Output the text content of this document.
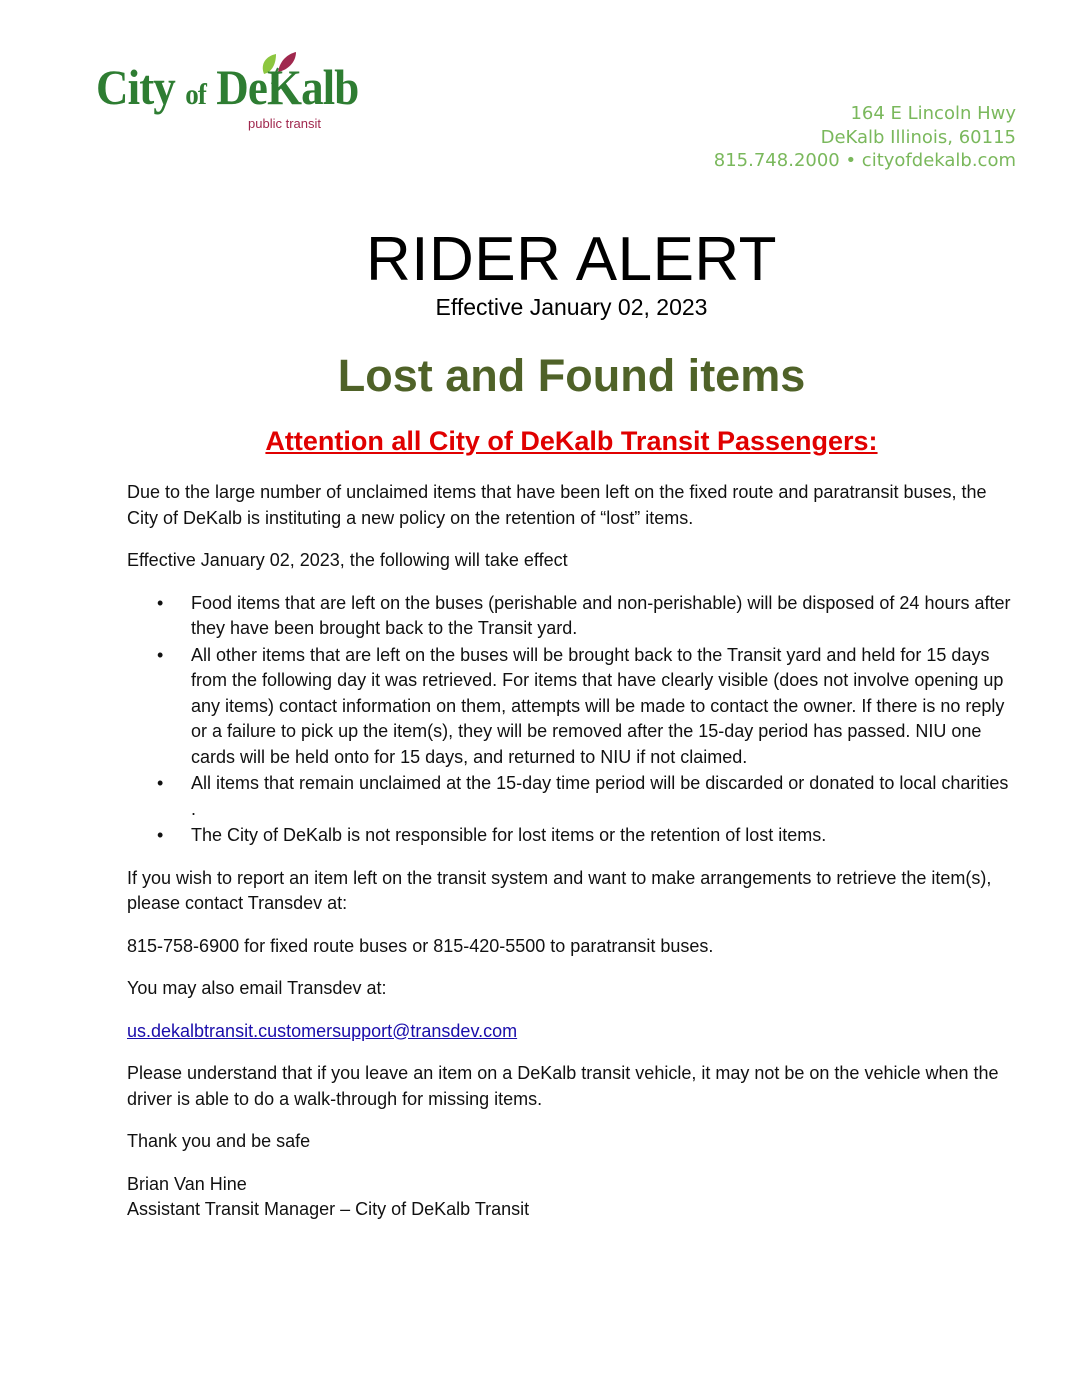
City of DeKalb
public transit	164 E Lincoln Hwy
DeKalb Illinois, 60115
815.748.2000 • cityofdekalb.com
RIDER ALERT
Effective January 02, 2023
Lost and Found items
Attention all City of DeKalb Transit Passengers:

Due to the large number of unclaimed items that have been left on the fixed route and paratransit buses, the City of DeKalb is instituting a new policy on the retention of “lost” items.

Effective January 02, 2023, the following will take effect

• Food items that are left on the buses (perishable and non-perishable) will be disposed of 24 hours after they have been brought back to the Transit yard.
• All other items that are left on the buses will be brought back to the Transit yard and held for 15 days from the following day it was retrieved. For items that have clearly visible (does not involve opening up any items) contact information on them, attempts will be made to contact the owner. If there is no reply or a failure to pick up the item(s), they will be removed after the 15-day period has passed. NIU one cards will be held onto for 15 days, and returned to NIU if not claimed.
• All items that remain unclaimed at the 15-day time period will be discarded or donated to local charities .
• The City of DeKalb is not responsible for lost items or the retention of lost items.

If you wish to report an item left on the transit system and want to make arrangements to retrieve the item(s), please contact Transdev at:

815-758-6900 for fixed route buses or 815-420-5500 to paratransit buses.

You may also email Transdev at:

us.dekalbtransit.customersupport@transdev.com

Please understand that if you leave an item on a DeKalb transit vehicle, it may not be on the vehicle when the driver is able to do a walk-through for missing items.

Thank you and be safe

Brian Van Hine

Assistant Transit Manager – City of DeKalb Transit
